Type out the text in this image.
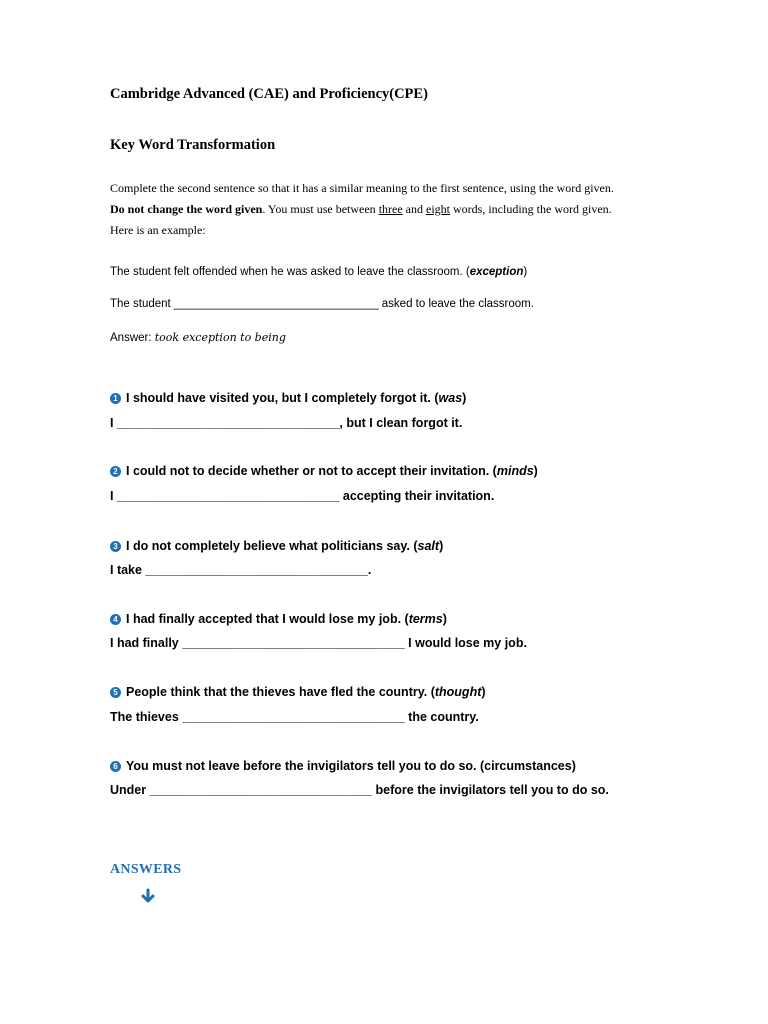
Cambridge Advanced (CAE) and Proficiency(CPE)
Key Word Transformation
Complete the second sentence so that it has a similar meaning to the first sentence, using the word given.
Do not change the word given. You must use between three and eight words, including the word given.
Here is an example:
The student felt offended when he was asked to leave the classroom. (exception)
The student ________________________________ asked to leave the classroom.
Answer: took exception to being
1 I should have visited you, but I completely forgot it. (was)
I ________________________________, but I clean forgot it.
2 I could not to decide whether or not to accept their invitation. (minds)
I ________________________________ accepting their invitation.
3 I do not completely believe what politicians say. (salt)
I take ________________________________.
4 I had finally accepted that I would lose my job. (terms)
I had finally ________________________________ I would lose my job.
5 People think that the thieves have fled the country. (thought)
The thieves ________________________________ the country.
6 You must not leave before the invigilators tell you to do so. (circumstances)
Under ________________________________ before the invigilators tell you to do so.
ANSWERS
